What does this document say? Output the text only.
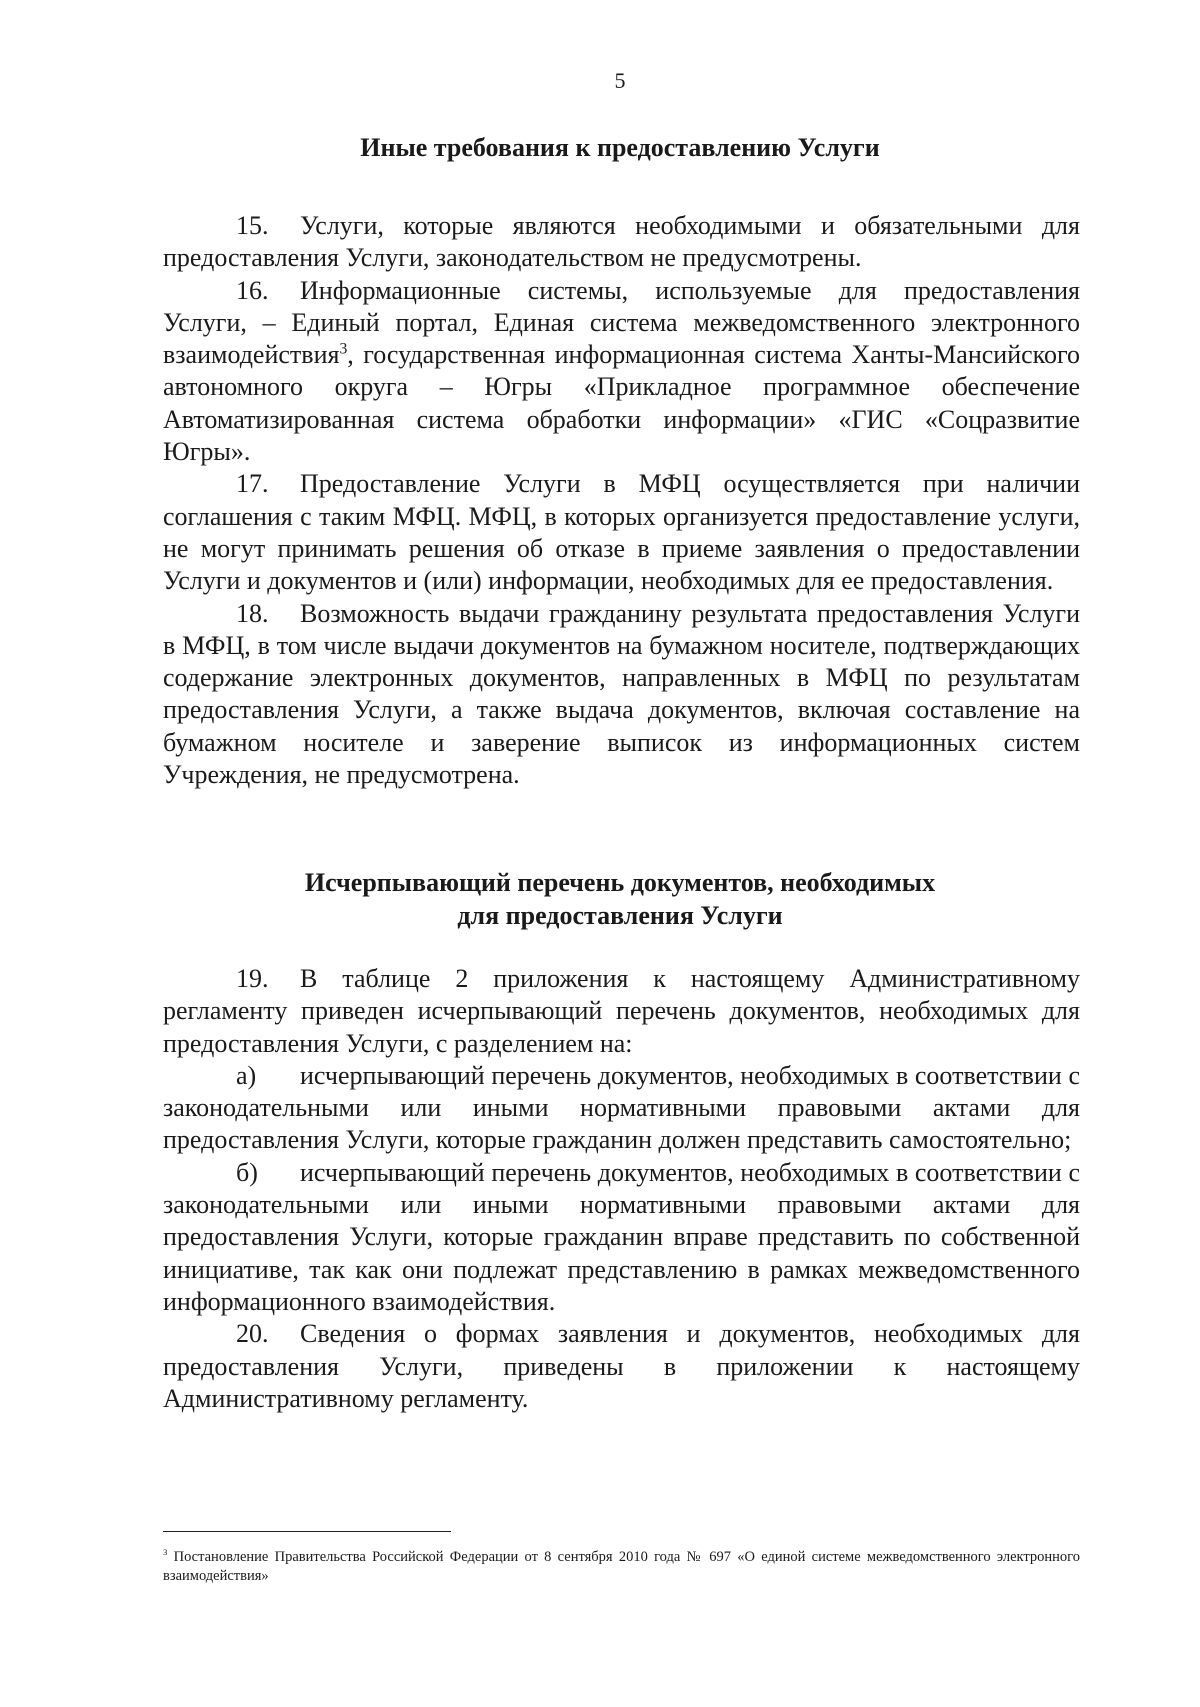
5
Иные требования к предоставлению Услуги

15. Услуги, которые являются необходимыми и обязательными для предоставления Услуги, законодательством не предусмотрены.

16. Информационные системы, используемые для предоставления Услуги, – Единый портал, Единая система межведомственного электронного взаимодействия$^3$, государственная информационная система Ханты-Мансийского автономного округа – Югры «Прикладное программное обеспечение Автоматизированная система обработки информации» «ГИС «Соцразвитие Югры».

17. Предоставление Услуги в МФЦ осуществляется при наличии соглашения с таким МФЦ. МФЦ, в которых организуется предоставление услуги, не могут принимать решения об отказе в приеме заявления о предоставлении Услуги и документов и (или) информации, необходимых для ее предоставления.

18. Возможность выдачи гражданину результата предоставления Услуги в МФЦ, в том числе выдачи документов на бумажном носителе, подтверждающих содержание электронных документов, направленных в МФЦ по результатам предоставления Услуги, а также выдача документов, включая составление на бумажном носителе и заверение выписок из информационных систем Учреждения, не предусмотрена.

Исчерпывающий перечень документов, необходимых
для предоставления Услуги

19. В таблице 2 приложения к настоящему Административному регламенту приведен исчерпывающий перечень документов, необходимых для предоставления Услуги, с разделением на:

а) исчерпывающий перечень документов, необходимых в соответствии с законодательными или иными нормативными правовыми актами для предоставления Услуги, которые гражданин должен представить самостоятельно;

б) исчерпывающий перечень документов, необходимых в соответствии с законодательными или иными нормативными правовыми актами для предоставления Услуги, которые гражданин вправе представить по собственной инициативе, так как они подлежат представлению в рамках межведомственного информационного взаимодействия.

20. Сведения о формах заявления и документов, необходимых для предоставления Услуги, приведены в приложении к настоящему Административному регламенту.

$^3$ Постановление Правительства Российской Федерации от 8 сентября 2010 года № 697 «О единой системе межведомственного электронного взаимодействия»
